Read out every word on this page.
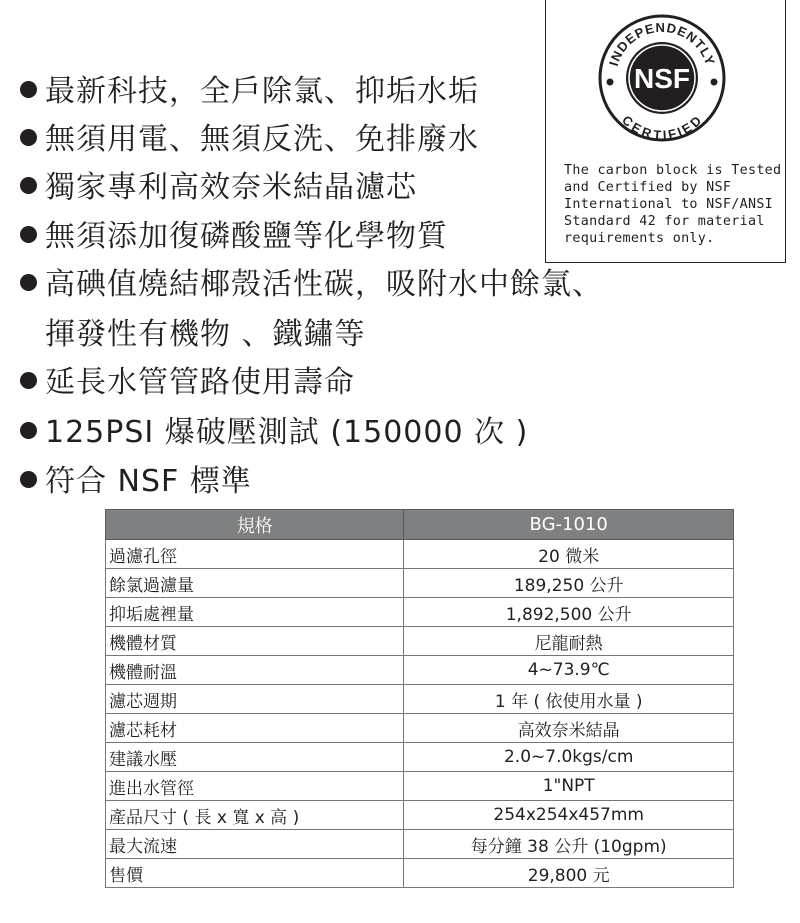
最新科技，全戶除氯、抑垢水垢
無須用電、無須反洗、免排廢水
獨家專利高效奈米結晶濾芯
無須添加復磷酸鹽等化學物質
高碘值燒結椰殼活性碳，吸附水中餘氯、
揮發性有機物 、鐵鏽等
延長水管管路使用壽命
125PSI 爆破壓測試 (150000 次 )
符合 NSF 標準
NSF
INDEPENDENTLY
CERTIFIED
The carbon block is Tested
and Certified by NSF
International to NSF/ANSI
Standard 42 for material
requirements only.
規格	BG-1010
過濾孔徑	20 微米
餘氯過濾量	189,250 公升
抑垢處裡量	1,892,500 公升
機體材質	尼龍耐熱
機體耐溫	4~73.9℃
濾芯週期	1 年 ( 依使用水量 )
濾芯耗材	高效奈米結晶
建議水壓	2.0~7.0kgs/cm
進出水管徑	1"NPT
產品尺寸 ( 長 x 寬 x 高 )	254x254x457mm
最大流速	每分鐘 38 公升 (10gpm)
售價	29,800 元
